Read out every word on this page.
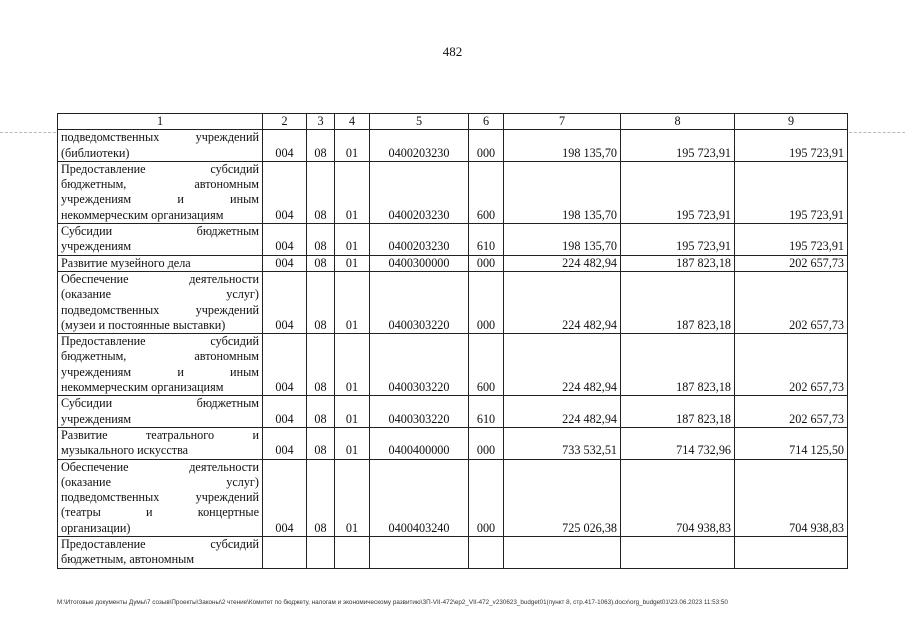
482
1	2	3	4	5	6	7	8	9

подведомственных учреждений
(библиотеки)	004	08	01	0400203230	000	198 135,70	195 723,91	195 723,91

Предоставление субсидий
бюджетным, автономным
учреждениям и иным
некоммерческим организациям	004	08	01	0400203230	600	198 135,70	195 723,91	195 723,91

Субсидии бюджетным
учреждениям	004	08	01	0400203230	610	198 135,70	195 723,91	195 723,91

Развитие музейного дела	004	08	01	0400300000	000	224 482,94	187 823,18	202 657,73

Обеспечение деятельности
(оказание услуг)
подведомственных учреждений
(музеи и постоянные выставки)	004	08	01	0400303220	000	224 482,94	187 823,18	202 657,73

Предоставление субсидий
бюджетным, автономным
учреждениям и иным
некоммерческим организациям	004	08	01	0400303220	600	224 482,94	187 823,18	202 657,73

Субсидии бюджетным
учреждениям	004	08	01	0400303220	610	224 482,94	187 823,18	202 657,73

Развитие театрального и
музыкального искусства	004	08	01	0400400000	000	733 532,51	714 732,96	714 125,50

Обеспечение деятельности
(оказание услуг)
подведомственных учреждений
(театры и концертные
организации)	004	08	01	0400403240	000	725 026,38	704 938,83	704 938,83

Предоставление субсидий
бюджетным, автономным								

M:\Итоговые документы Думы\7 созыв\Проекты\Законы\2 чтение\Комитет по бюджету, налогам и экономическому развитию\ЗП-VII-472\ер2_VII-472_v230623_budget01(пункт 8, стр.417-1063).docx\org_budget01\23.06.2023 11:53:50
